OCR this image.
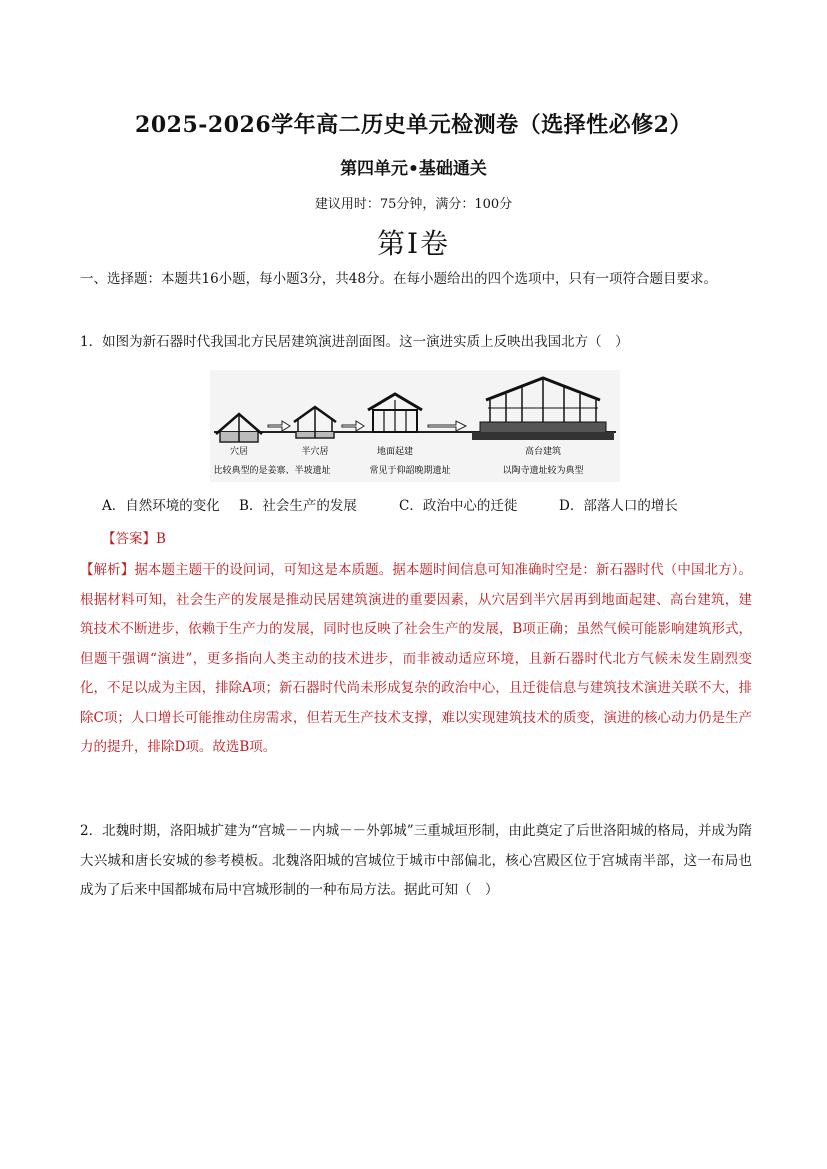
2025-2026学年高二历史单元检测卷（选择性必修2）
第四单元•基础通关
建议用时：75分钟，满分：100分
第Ⅰ卷
一、选择题：本题共16小题，每小题3分，共48分。在每小题给出的四个选项中，只有一项符合题目要求。
1．如图为新石器时代我国北方民居建筑演进剖面图。这一演进实质上反映出我国北方（　）
穴居	半穴居	地面起建	高台建筑
比较典型的是姜寨、半坡遗址	常见于仰韶晚期遗址	以陶寺遗址较为典型
A．自然环境的变化 B．社会生产的发展	C．政治中心的迁徙	D．部落人口的增长
【答案】B
【解析】据本题主题干的设问词，可知这是本质题。据本题时间信息可知准确时空是：新石器时代（中国北方）。根据材料可知，社会生产的发展是推动民居建筑演进的重要因素，从穴居到半穴居再到地面起建、高台建筑，建筑技术不断进步，依赖于生产力的发展，同时也反映了社会生产的发展，B项正确；虽然气候可能影响建筑形式，但题干强调“演进”，更多指向人类主动的技术进步，而非被动适应环境，且新石器时代北方气候未发生剧烈变化，不足以成为主因，排除A项；新石器时代尚未形成复杂的政治中心，且迁徙信息与建筑技术演进关联不大，排除C项；人口增长可能推动住房需求，但若无生产技术支撑，难以实现建筑技术的质变，演进的核心动力仍是生产力的提升，排除D项。故选B项。
2．北魏时期，洛阳城扩建为“宫城－－内城－－外郭城”三重城垣形制，由此奠定了后世洛阳城的格局，并成为隋大兴城和唐长安城的参考模板。北魏洛阳城的宫城位于城市中部偏北，核心宫殿区位于宫城南半部，这一布局也成为了后来中国都城布局中宫城形制的一种布局方法。据此可知（　）
